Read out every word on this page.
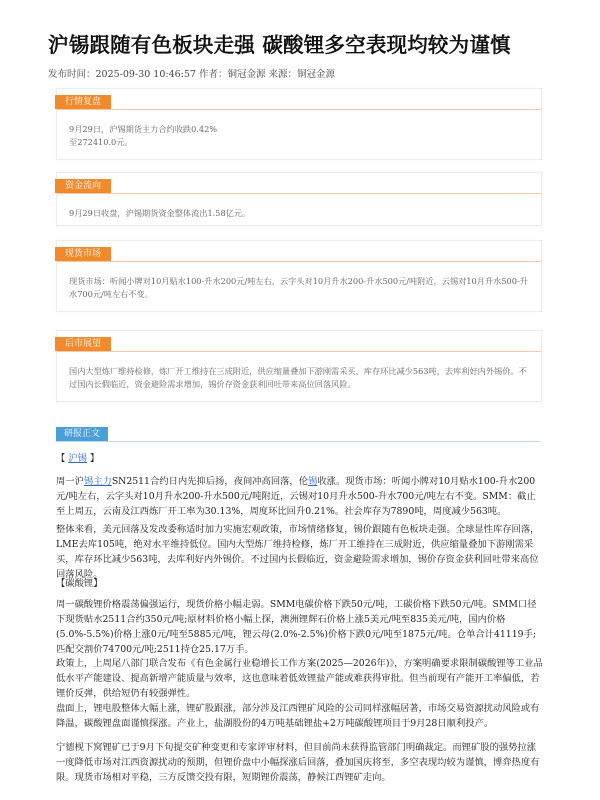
沪锡跟随有色板块走强 碳酸锂多空表现均较为谨慎
发布时间：2025-09-30 10:46:57 作者：铜冠金源 来源：铜冠金源
行情复盘
9月29日，沪锡期货主力合约收跌0.42%至272410.0元。
资金流向
9月29日收盘，沪锡期货资金整体流出1.58亿元。
现货市场
现货市场：听闻小牌对10月贴水100-升水200元/吨左右，云字头对10月升水200-升水500元/吨附近，云锡对10月升水500-升水700元/吨左右不变。
后市展望
国内大型炼厂维持检修，炼厂开工维持在三成附近，供应缩量叠加下游刚需采买，库存环比减少563吨，去库利好内外锡价。不过国内长假临近，资金避险需求增加，锡价存资金获利回吐带来高位回落风险。
研报正文
【 沪锡 】
周一沪锡主力SN2511合约日内先抑后扬，夜间冲高回落，伦锡收涨。现货市场：听闻小牌对10月贴水100-升水200元/吨左右，云字头对10月升水200-升水500元/吨附近，云锡对10月升水500-升水700元/吨左右不变。SMM：截止至上周五，云南及江西炼厂开工率为30.13%，周度环比回升0.21%。社会库存为7890吨，周度减少563吨。
整体来看，美元回落及发改委称适时加力实施宏观政策，市场情绪修复，锡价跟随有色板块走强。全球显性库存回落，LME去库105吨，绝对水平维持低位。国内大型炼厂维持检修，炼厂开工维持在三成附近，供应缩量叠加下游刚需采买，库存环比减少563吨，去库利好内外锡价。不过国内长假临近，资金避险需求增加，锡价存资金获利回吐带来高位回落风险。
【碳酸锂】
周一碳酸锂价格震荡偏强运行，现货价格小幅走弱。SMM电碳价格下跌50元/吨，工碳价格下跌50元/吨。SMM口径下现货贴水2511合约350元/吨;原材料价格小幅上探，澳洲锂辉石价格上涨5美元/吨至835美元/吨，国内价格(5.0%-5.5%)价格上涨0元/吨至5885元/吨，锂云母(2.0%-2.5%)价格下跌0元/吨至1875元/吨。仓单合计41119手;匹配交割价74700元/吨;2511持仓25.17万手。
政策上，上周尾八部门联合发布《有色金属行业稳增长工作方案(2025—2026年)》，方案明确要求限制碳酸锂等工业品低水平产能建设、提高新增产能质量与效率，这也意味着低效锂盐产能或难获得审批。但当前现有产能开工率偏低，若锂价反弹，供给短仍有较强弹性。
盘面上，锂电股整体大幅上涨，锂矿股跟涨，部分涉及江西锂矿风险的公司同样涨幅居著，市场交易资源扰动风险或有降温，碳酸锂盘面谨慎探涨。产业上，盐湖股份的4万吨基础锂盐+2万吨碳酸锂项目于9月28日顺利投产。
宁德枧下窝锂矿已于9月下旬提交矿种变更和专家评审材料，但目前尚未获得监管部门明确裁定。而锂矿股的强势拉涨一度降低市场对江西资源扰动的预期，但锂价盘中小幅探涨后回落，叠加国庆将至，多空表现均较为谨慎，博弈热度有限。现货市场相对平稳，三方反馈交投有限，短期锂价震荡，静候江西锂矿走向。
